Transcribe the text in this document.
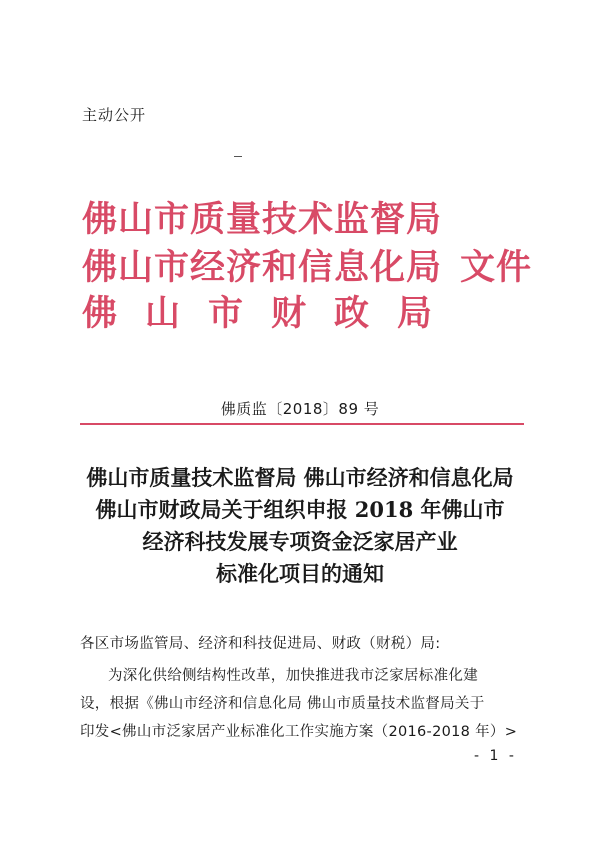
主动公开
佛山市质量技术监督局
佛山市经济和信息化局 文件
佛山市财政局
佛质监〔2018〕89 号
佛山市质量技术监督局 佛山市经济和信息化局
佛山市财政局关于组织申报 2018 年佛山市
经济科技发展专项资金泛家居产业
标准化项目的通知
各区市场监管局、经济和科技促进局、财政（财税）局:
为深化供给侧结构性改革，加快推进我市泛家居标准化建
设，根据《佛山市经济和信息化局 佛山市质量技术监督局关于
印发<佛山市泛家居产业标准化工作实施方案（2016-2018 年）>
- 1 -
